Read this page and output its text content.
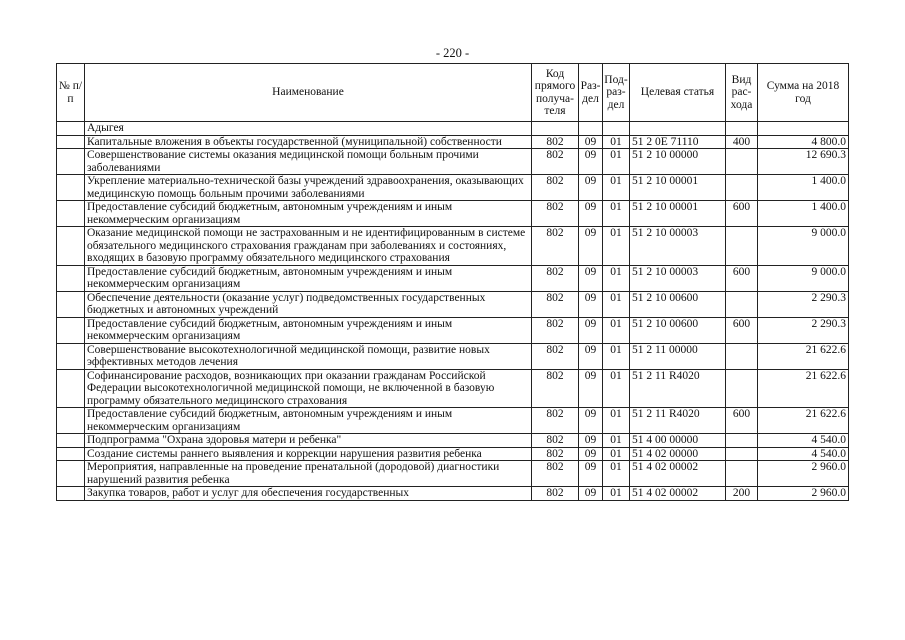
- 220 -
№ п/п	Наименование	Код прямого получа-теля	Раз-дел	Под-раз-дел	Целевая статья	Вид рас-хода	Сумма на 2018 год
	Адыгея						
	Капитальные вложения в объекты государственной (муниципальной) собственности	802	09	01	51 2 0Е 71110	400	4 800.0
	Совершенствование системы оказания медицинской помощи больным прочими заболеваниями	802	09	01	51 2 10 00000		12 690.3
	Укрепление материально-технической базы учреждений здравоохранения, оказывающих медицинскую помощь больным прочими заболеваниями	802	09	01	51 2 10 00001		1 400.0
	Предоставление субсидий бюджетным, автономным учреждениям и иным некоммерческим организациям	802	09	01	51 2 10 00001	600	1 400.0
	Оказание медицинской помощи не застрахованным и не идентифицированным в системе обязательного медицинского страхования гражданам при заболеваниях и состояниях, входящих в базовую программу обязательного медицинского страхования	802	09	01	51 2 10 00003		9 000.0
	Предоставление субсидий бюджетным, автономным учреждениям и иным некоммерческим организациям	802	09	01	51 2 10 00003	600	9 000.0
	Обеспечение деятельности (оказание услуг) подведомственных государственных бюджетных и автономных учреждений	802	09	01	51 2 10 00600		2 290.3
	Предоставление субсидий бюджетным, автономным учреждениям и иным некоммерческим организациям	802	09	01	51 2 10 00600	600	2 290.3
	Совершенствование высокотехнологичной медицинской помощи, развитие новых эффективных методов лечения	802	09	01	51 2 11 00000		21 622.6
	Софинансирование расходов, возникающих при оказании гражданам Российской Федерации высокотехнологичной медицинской помощи, не включенной в базовую программу обязательного медицинского страхования	802	09	01	51 2 11 R4020		21 622.6
	Предоставление субсидий бюджетным, автономным учреждениям и иным некоммерческим организациям	802	09	01	51 2 11 R4020	600	21 622.6
	Подпрограмма "Охрана здоровья матери и ребенка"	802	09	01	51 4 00 00000		4 540.0
	Создание системы раннего выявления и коррекции нарушения развития ребенка	802	09	01	51 4 02 00000		4 540.0
	Мероприятия, направленные на проведение пренатальной (дородовой) диагностики нарушений развития ребенка	802	09	01	51 4 02 00002		2 960.0
	Закупка товаров, работ и услуг для обеспечения государственных	802	09	01	51 4 02 00002	200	2 960.0
